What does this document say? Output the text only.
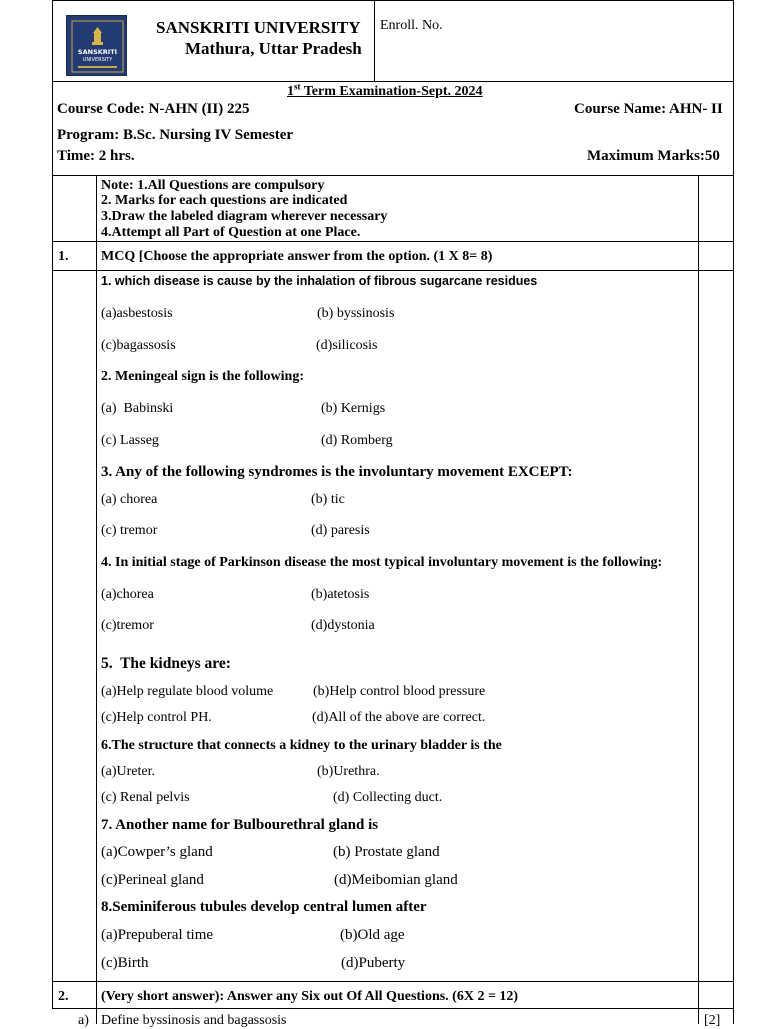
SANSKRITI
UNIVERSITY
SANSKRITI UNIVERSITY
Mathura, Uttar Pradesh
Enroll. No.
1st Term Examination-Sept. 2024
Course Code: N-AHN (II) 225	Course Name: AHN- II
Program: B.Sc. Nursing IV Semester
Time: 2 hrs.	Maximum Marks:50
Note: 1.All Questions are compulsory
2. Marks for each questions are indicated
3.Draw the labeled diagram wherever necessary
4.Attempt all Part of Question at one Place.
1. MCQ [Choose the appropriate answer from the option. (1 X 8= 8)
1. which disease is cause by the inhalation of fibrous sugarcane residues
(a)asbestosis	(b) byssinosis
(c)bagassosis	(d)silicosis
2. Meningeal sign is the following:
(a)  Babinski	(b) Kernigs
(c) Lasseg	(d) Romberg
3. Any of the following syndromes is the involuntary movement EXCEPT:
(a) chorea	(b) tic
(c) tremor	(d) paresis
4. In initial stage of Parkinson disease the most typical involuntary movement is the following:
(a)chorea	(b)atetosis
(c)tremor	(d)dystonia
5.  The kidneys are:
(a)Help regulate blood volume	(b)Help control blood pressure
(c)Help control PH.	(d)All of the above are correct.
6.The structure that connects a kidney to the urinary bladder is the
(a)Ureter.	(b)Urethra.
(c) Renal pelvis	(d) Collecting duct.
7. Another name for Bulbourethral gland is
(a)Cowper’s gland	(b) Prostate gland
(c)Perineal gland	(d)Meibomian gland
8.Seminiferous tubules develop central lumen after
(a)Prepuberal time	(b)Old age
(c)Birth	(d)Puberty
2. (Very short answer): Answer any Six out Of All Questions. (6X 2 = 12)
a) Define byssinosis and bagassosis	[2]
